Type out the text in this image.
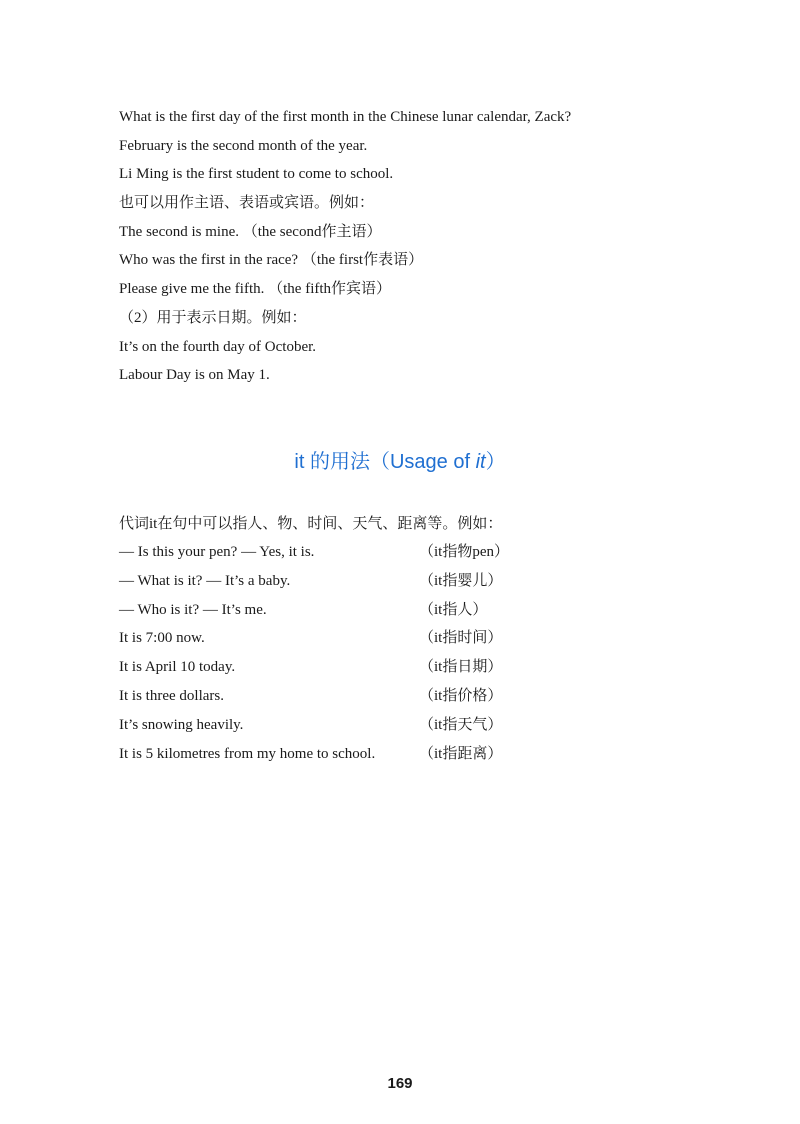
What is the first day of the first month in the Chinese lunar calendar, Zack?
February is the second month of the year.
Li Ming is the first student to come to school.
也可以用作主语、表语或宾语。例如：
The second is mine. （the second作主语）
Who was the first in the race? （the first作表语）
Please give me the fifth. （the fifth作宾语）
（2）用于表示日期。例如：
It’s on the fourth day of October.
Labour Day is on May 1.
it 的用法（Usage of it）
代词it在句中可以指人、物、时间、天气、距离等。例如：
— Is this your pen? — Yes, it is.	（it指物pen）
— What is it? — It’s a baby.	（it指婴儿）
— Who is it? — It’s me.	（it指人）
It is 7:00 now.	（it指时间）
It is April 10 today.	（it指日期）
It is three dollars.	（it指价格）
It’s snowing heavily.	（it指天气）
It is 5 kilometres from my home to school.	（it指距离）
169
